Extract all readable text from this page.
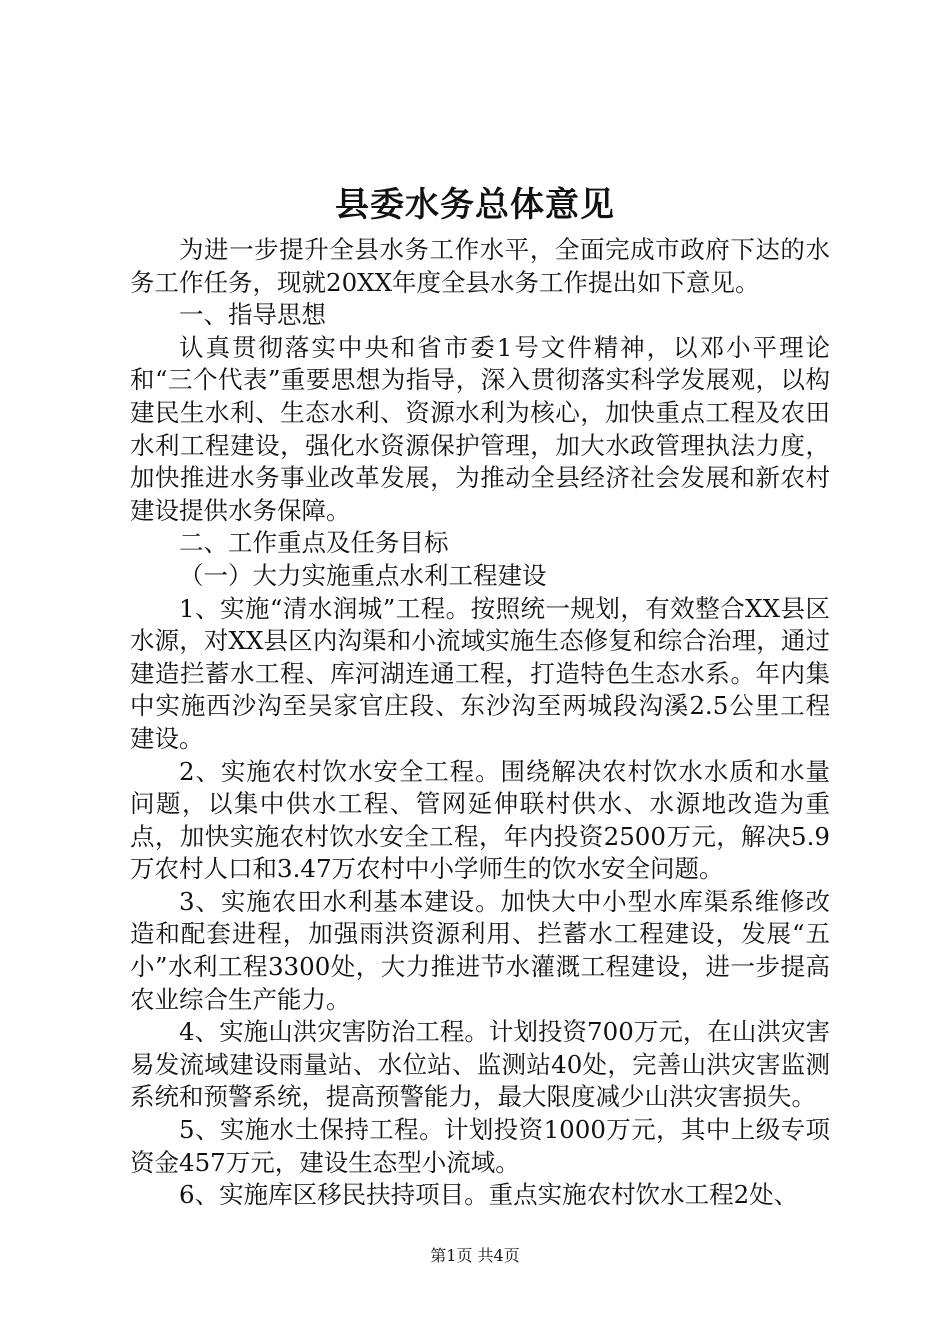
县委水务总体意见

为进一步提升全县水务工作水平，全面完成市政府下达的水务工作任务，现就20XX年度全县水务工作提出如下意见。

一、指导思想

认真贯彻落实中央和省市委1号文件精神，以邓小平理论和“三个代表”重要思想为指导，深入贯彻落实科学发展观，以构建民生水利、生态水利、资源水利为核心，加快重点工程及农田水利工程建设，强化水资源保护管理，加大水政管理执法力度，加快推进水务事业改革发展，为推动全县经济社会发展和新农村建设提供水务保障。

二、工作重点及任务目标

（一）大力实施重点水利工程建设

1、实施“清水润城”工程。按照统一规划，有效整合XX县区水源，对XX县区内沟渠和小流域实施生态修复和综合治理，通过建造拦蓄水工程、库河湖连通工程，打造特色生态水系。年内集中实施西沙沟至吴家官庄段、东沙沟至两城段沟溪2.5公里工程建设。

2、实施农村饮水安全工程。围绕解决农村饮水水质和水量问题，以集中供水工程、管网延伸联村供水、水源地改造为重点，加快实施农村饮水安全工程，年内投资2500万元，解决5.9万农村人口和3.47万农村中小学师生的饮水安全问题。

3、实施农田水利基本建设。加快大中小型水库渠系维修改造和配套进程，加强雨洪资源利用、拦蓄水工程建设，发展“五小”水利工程3300处，大力推进节水灌溉工程建设，进一步提高农业综合生产能力。

4、实施山洪灾害防治工程。计划投资700万元，在山洪灾害易发流域建设雨量站、水位站、监测站40处，完善山洪灾害监测系统和预警系统，提高预警能力，最大限度减少山洪灾害损失。

5、实施水土保持工程。计划投资1000万元，其中上级专项资金457万元，建设生态型小流域。

6、实施库区移民扶持项目。重点实施农村饮水工程2处、

第1页 共4页
